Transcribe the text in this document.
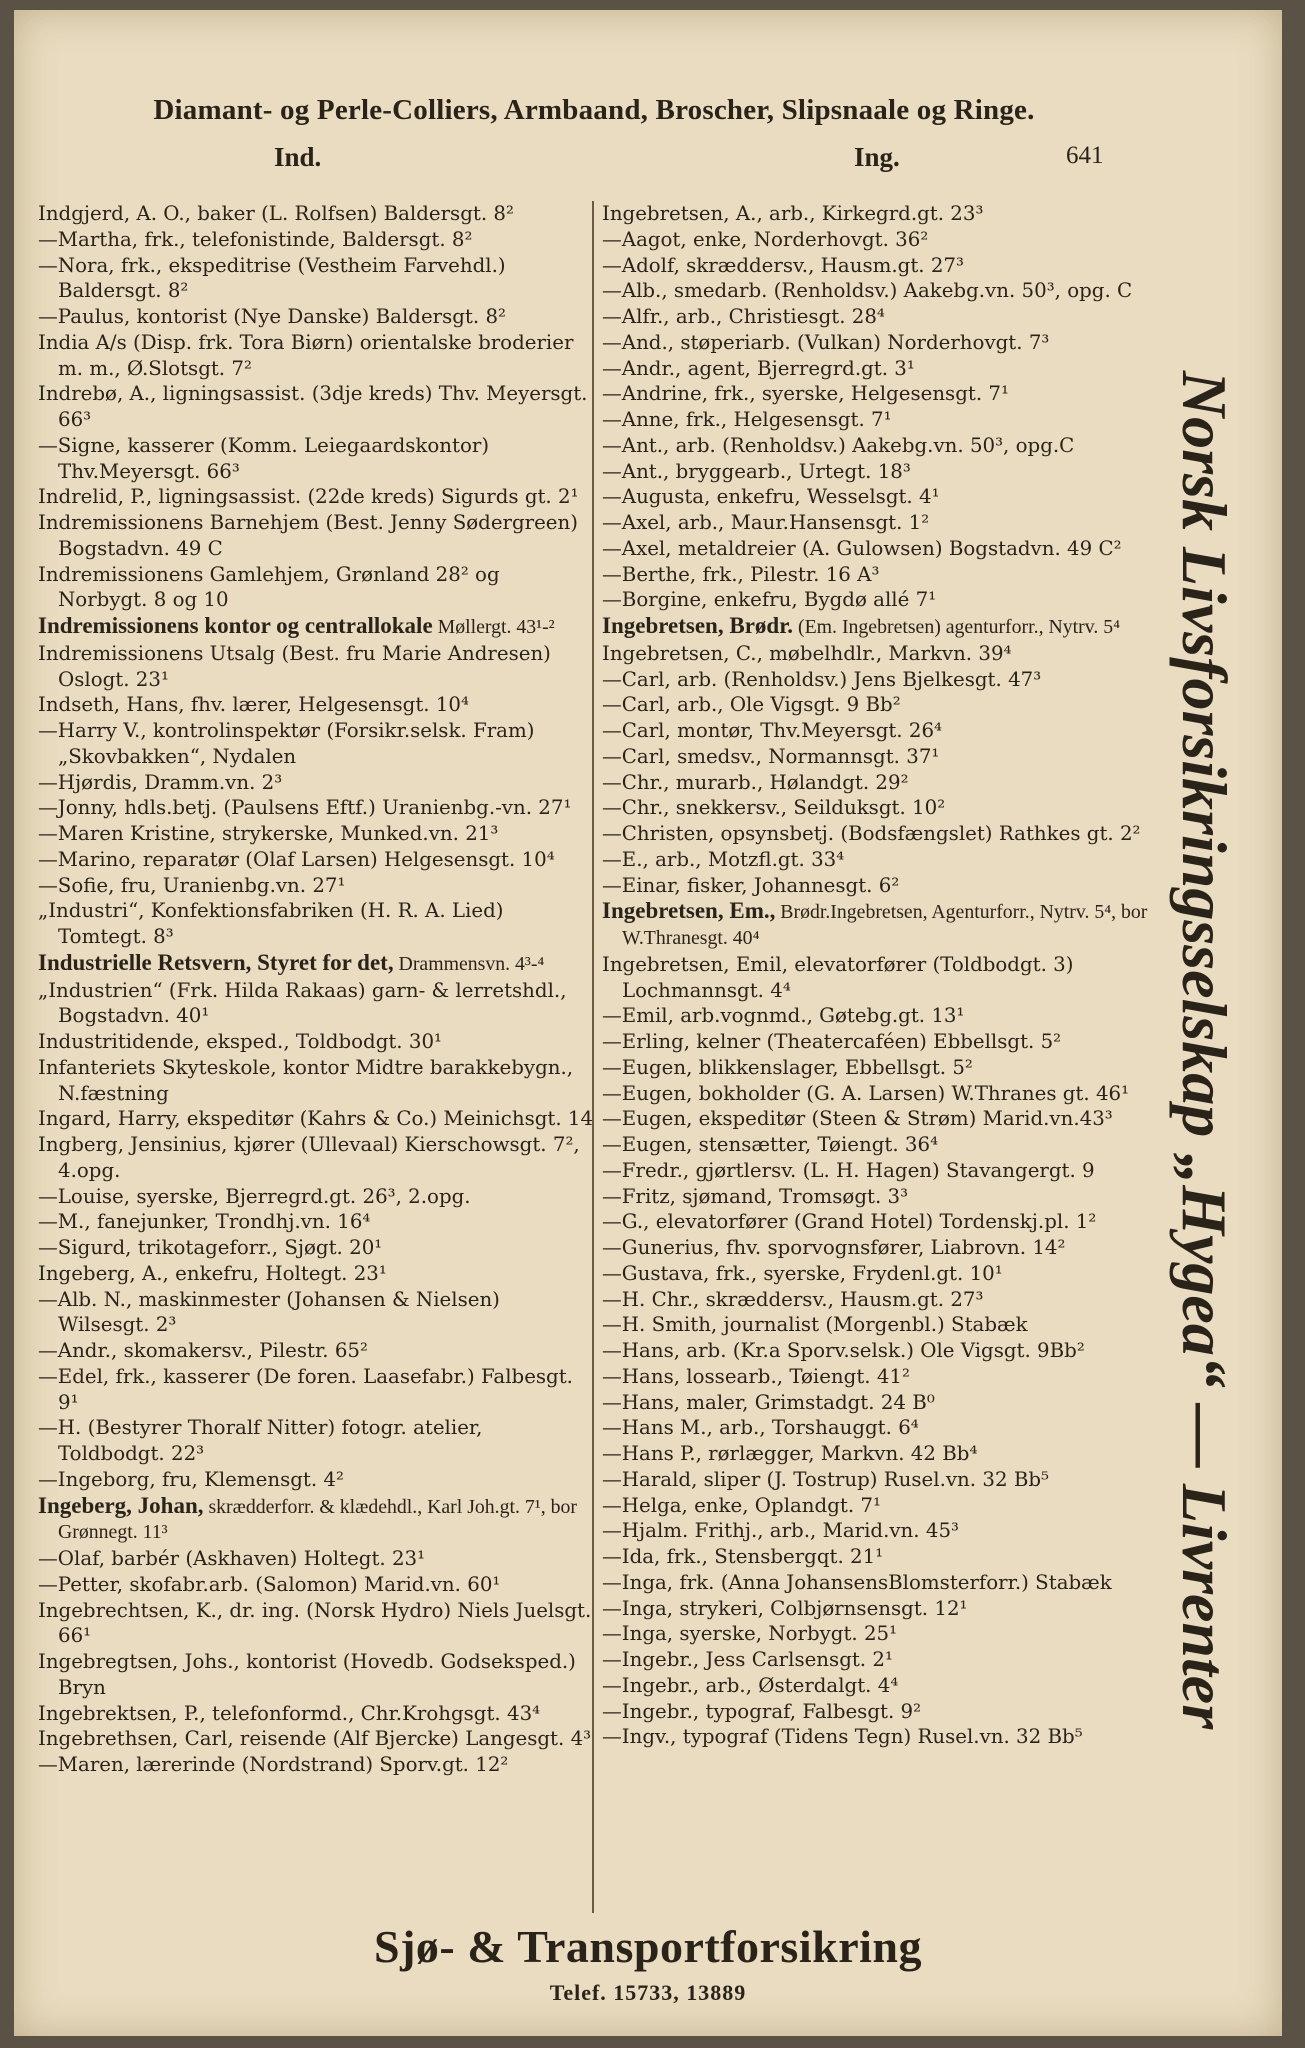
Diamant- og Perle-Colliers, Armbaand, Broscher, Slipsnaale og Ringe.
Ind.	Ing.	641

Indgjerd, A. O., baker (L. Rolfsen) Baldersgt. 8²

—Martha, frk., telefonistinde, Baldersgt. 8²

—Nora, frk., ekspeditrise (Vestheim Farvehdl.) Baldersgt. 8²

—Paulus, kontorist (Nye Danske) Baldersgt. 8²

India A/s (Disp. frk. Tora Biørn) orientalske broderier m. m., Ø.Slotsgt. 7²

Indrebø, A., ligningsassist. (3dje kreds) Thv. Meyersgt. 66³

—Signe, kasserer (Komm. Leiegaardskontor) Thv.Meyersgt. 66³

Indrelid, P., ligningsassist. (22de kreds) Sigurds gt. 2¹

Indremissionens Barnehjem (Best. Jenny Sødergreen) Bogstadvn. 49 C

Indremissionens Gamlehjem, Grønland 28² og Norbygt. 8 og 10

Indremissionens kontor og centrallokale Møllergt. 43¹-²

Indremissionens Utsalg (Best. fru Marie Andresen) Oslogt. 23¹

Indseth, Hans, fhv. lærer, Helgesensgt. 10⁴

—Harry V., kontrolinspektør (Forsikr.selsk. Fram) „Skovbakken“, Nydalen

—Hjørdis, Dramm.vn. 2³

—Jonny, hdls.betj. (Paulsens Eftf.) Uranienbg.-vn. 27¹

—Maren Kristine, strykerske, Munked.vn. 21³

—Marino, reparatør (Olaf Larsen) Helgesensgt. 10⁴

—Sofie, fru, Uranienbg.vn. 27¹

„Industri“, Konfektionsfabriken (H. R. A. Lied) Tomtegt. 8³

Industrielle Retsvern, Styret for det, Drammensvn. 4³-⁴

„Industrien“ (Frk. Hilda Rakaas) garn- & lerretshdl., Bogstadvn. 40¹

Industritidende, eksped., Toldbodgt. 30¹

Infanteriets Skyteskole, kontor Midtre barakkebygn., N.fæstning

Ingard, Harry, ekspeditør (Kahrs & Co.) Meinichsgt. 14

Ingberg, Jensinius, kjører (Ullevaal) Kierschowsgt. 7², 4.opg.

—Louise, syerske, Bjerregrd.gt. 26³, 2.opg.

—M., fanejunker, Trondhj.vn. 16⁴

—Sigurd, trikotageforr., Sjøgt. 20¹

Ingeberg, A., enkefru, Holtegt. 23¹

—Alb. N., maskinmester (Johansen & Nielsen) Wilsesgt. 2³

—Andr., skomakersv., Pilestr. 65²

—Edel, frk., kasserer (De foren. Laasefabr.) Falbesgt. 9¹

—H. (Bestyrer Thoralf Nitter) fotogr. atelier, Toldbodgt. 22³

—Ingeborg, fru, Klemensgt. 4²

Ingeberg, Johan, skrædderforr. & klædehdl., Karl Joh.gt. 7¹, bor Grønnegt. 11³

—Olaf, barbér (Askhaven) Holtegt. 23¹

—Petter, skofabr.arb. (Salomon) Marid.vn. 60¹

Ingebrechtsen, K., dr. ing. (Norsk Hydro) Niels Juelsgt. 66¹

Ingebregtsen, Johs., kontorist (Hovedb. Godseksped.) Bryn

Ingebrektsen, P., telefonformd., Chr.Krohgsgt. 43⁴

Ingebrethsen, Carl, reisende (Alf Bjercke) Langesgt. 4³

—Maren, lærerinde (Nordstrand) Sporv.gt. 12²

Ingebretsen, A., arb., Kirkegrd.gt. 23³

—Aagot, enke, Norderhovgt. 36²

—Adolf, skræddersv., Hausm.gt. 27³

—Alb., smedarb. (Renholdsv.) Aakebg.vn. 50³, opg. C

—Alfr., arb., Christiesgt. 28⁴

—And., støperiarb. (Vulkan) Norderhovgt. 7³

—Andr., agent, Bjerregrd.gt. 3¹

—Andrine, frk., syerske, Helgesensgt. 7¹

—Anne, frk., Helgesensgt. 7¹

—Ant., arb. (Renholdsv.) Aakebg.vn. 50³, opg.C

—Ant., bryggearb., Urtegt. 18³

—Augusta, enkefru, Wesselsgt. 4¹

—Axel, arb., Maur.Hansensgt. 1²

—Axel, metaldreier (A. Gulowsen) Bogstadvn. 49 C²

—Berthe, frk., Pilestr. 16 A³

—Borgine, enkefru, Bygdø allé 7¹

Ingebretsen, Brødr. (Em. Ingebretsen) agenturforr., Nytrv. 5⁴

Ingebretsen, C., møbelhdlr., Markvn. 39⁴

—Carl, arb. (Renholdsv.) Jens Bjelkesgt. 47³

—Carl, arb., Ole Vigsgt. 9 Bb²

—Carl, montør, Thv.Meyersgt. 26⁴

—Carl, smedsv., Normannsgt. 37¹

—Chr., murarb., Hølandgt. 29²

—Chr., snekkersv., Seilduksgt. 10²

—Christen, opsynsbetj. (Bodsfængslet) Rathkes gt. 2²

—E., arb., Motzfl.gt. 33⁴

—Einar, fisker, Johannesgt. 6²

Ingebretsen, Em., Brødr.Ingebretsen, Agenturforr., Nytrv. 5⁴, bor W.Thranesgt. 40⁴

Ingebretsen, Emil, elevatorfører (Toldbodgt. 3) Lochmannsgt. 4⁴

—Emil, arb.vognmd., Gøtebg.gt. 13¹

—Erling, kelner (Theatercaféen) Ebbellsgt. 5²

—Eugen, blikkenslager, Ebbellsgt. 5²

—Eugen, bokholder (G. A. Larsen) W.Thranes gt. 46¹

—Eugen, ekspeditør (Steen & Strøm) Marid.vn.43³

—Eugen, stensætter, Tøiengt. 36⁴

—Fredr., gjørtlersv. (L. H. Hagen) Stavangergt. 9

—Fritz, sjømand, Tromsøgt. 3³

—G., elevatorfører (Grand Hotel) Tordenskj.pl. 1²

—Gunerius, fhv. sporvognsfører, Liabrovn. 14²

—Gustava, frk., syerske, Frydenl.gt. 10¹

—H. Chr., skræddersv., Hausm.gt. 27³

—H. Smith, journalist (Morgenbl.) Stabæk

—Hans, arb. (Kr.a Sporv.selsk.) Ole Vigsgt. 9Bb²

—Hans, lossearb., Tøiengt. 41²

—Hans, maler, Grimstadgt. 24 B⁰

—Hans M., arb., Torshauggt. 6⁴

—Hans P., rørlægger, Markvn. 42 Bb⁴

—Harald, sliper (J. Tostrup) Rusel.vn. 32 Bb⁵

—Helga, enke, Oplandgt. 7¹

—Hjalm. Frithj., arb., Marid.vn. 45³

—Ida, frk., Stensbergqt. 21¹

—Inga, frk. (Anna JohansensBlomsterforr.) Stabæk

—Inga, strykeri, Colbjørnsensgt. 12¹

—Inga, syerske, Norbygt. 25¹

—Ingebr., Jess Carlsensgt. 2¹

—Ingebr., arb., Østerdalgt. 4⁴

—Ingebr., typograf, Falbesgt. 9²

—Ingv., typograf (Tidens Tegn) Rusel.vn. 32 Bb⁵

Norsk Livsforsikringsselskap „Hygea“ — Livrenter
Sjø- & Transportforsikring
Telef. 15733, 13889
